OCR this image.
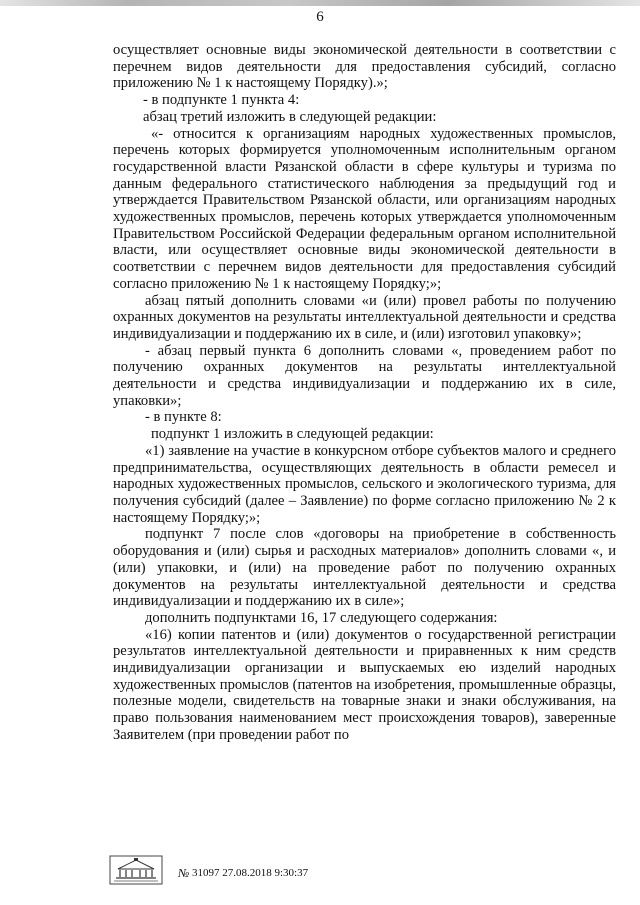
6

осуществляет основные виды экономической деятельности в соответствии с перечнем видов деятельности для предоставления субсидий, согласно приложению № 1 к настоящему Порядку).»;

- в подпункте 1 пункта 4:

абзац третий изложить в следующей редакции:

«- относится к организациям народных художественных промыслов, перечень которых формируется уполномоченным исполнительным органом государственной власти Рязанской области в сфере культуры и туризма по данным федерального статистического наблюдения за предыдущий год и утверждается Правительством Рязанской области, или организациям народных художественных промыслов, перечень которых утверждается уполномоченным Правительством Российской Федерации федеральным органом исполнительной власти, или осуществляет основные виды экономической деятельности в соответствии с перечнем видов деятельности для предоставления субсидий согласно приложению № 1 к настоящему Порядку;»;

абзац пятый дополнить словами «и (или) провел работы по получению охранных документов на результаты интеллектуальной деятельности и средства индивидуализации и поддержанию их в силе, и (или) изготовил упаковку»;

- абзац первый пункта 6 дополнить словами «, проведением работ по получению охранных документов на результаты интеллектуальной деятельности и средства индивидуализации и поддержанию их в силе, упаковки»;

- в пункте 8:

подпункт 1 изложить в следующей редакции:

«1) заявление на участие в конкурсном отборе субъектов малого и среднего предпринимательства, осуществляющих деятельность в области ремесел и народных художественных промыслов, сельского и экологического туризма, для получения субсидий (далее – Заявление) по форме согласно приложению № 2 к настоящему Порядку;»;

подпункт 7 после слов «договоры на приобретение в собственность оборудования и (или) сырья и расходных материалов» дополнить словами «, и (или) упаковки, и (или) на проведение работ по получению охранных документов на результаты интеллектуальной деятельности и средства индивидуализации и поддержанию их в силе»;

дополнить подпунктами 16, 17 следующего содержания:

«16) копии патентов и (или) документов о государственной регистрации результатов интеллектуальной деятельности и приравненных к ним средств индивидуализации организации и выпускаемых ею изделий народных художественных промыслов (патентов на изобретения, промышленные образцы, полезные модели, свидетельств на товарные знаки и знаки обслуживания, на право пользования наименованием мест происхождения товаров), заверенные Заявителем (при проведении работ по

№ 31097 27.08.2018 9:30:37
